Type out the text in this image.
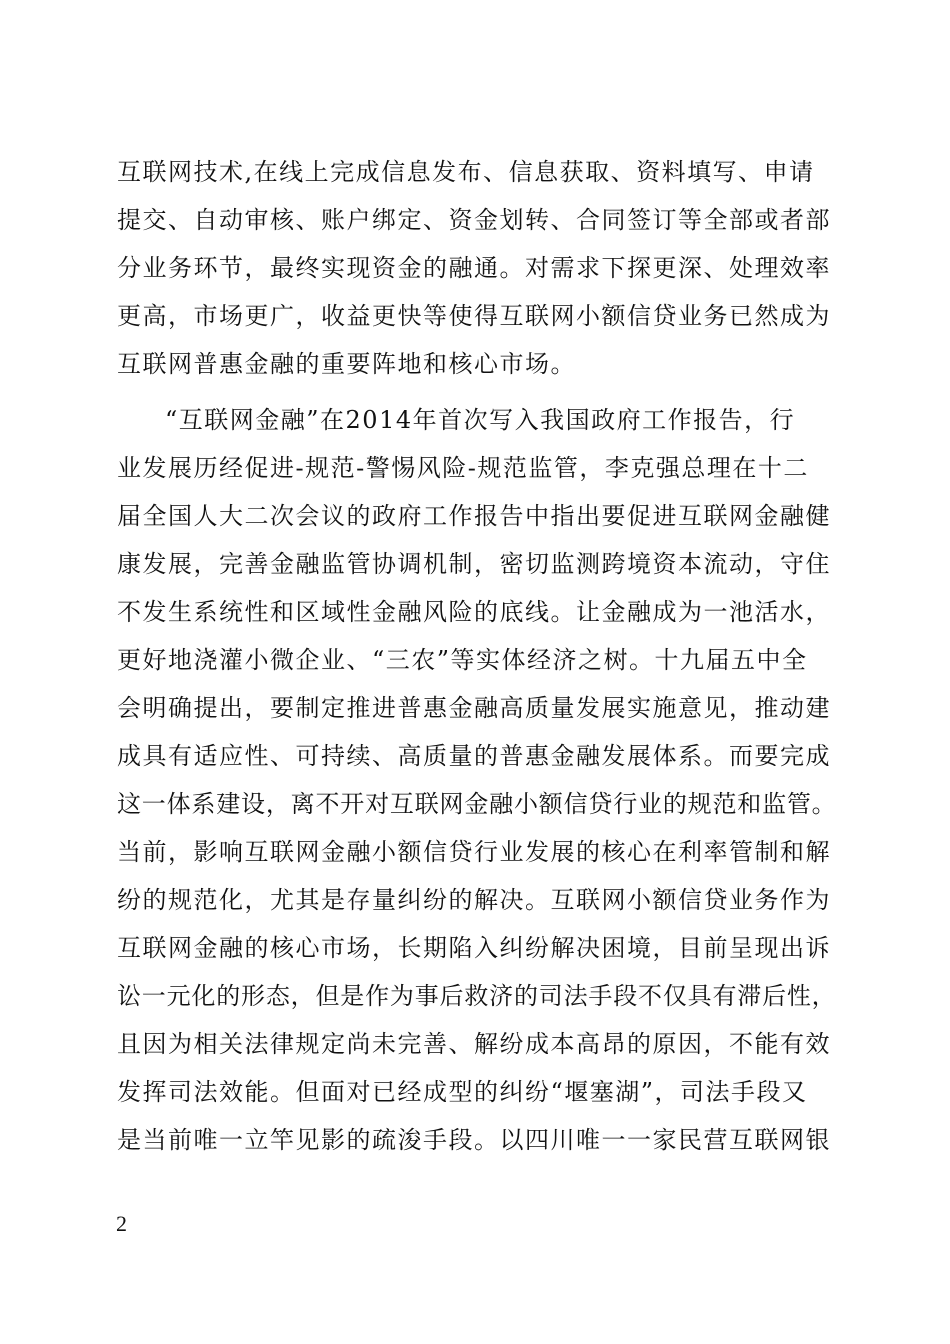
互联网技术,在线上完成信息发布、信息获取、资料填写、申请
提交、自动审核、账户绑定、资金划转、合同签订等全部或者部
分业务环节，最终实现资金的融通。对需求下探更深、处理效率
更高，市场更广，收益更快等使得互联网小额信贷业务已然成为
互联网普惠金融的重要阵地和核心市场。
“互联网金融”在2014年首次写入我国政府工作报告，行
业发展历经促进-规范-警惕风险-规范监管，李克强总理在十二
届全国人大二次会议的政府工作报告中指出要促进互联网金融健
康发展，完善金融监管协调机制，密切监测跨境资本流动，守住
不发生系统性和区域性金融风险的底线。让金融成为一池活水，
更好地浇灌小微企业、“三农”等实体经济之树。十九届五中全
会明确提出，要制定推进普惠金融高质量发展实施意见，推动建
成具有适应性、可持续、高质量的普惠金融发展体系。而要完成
这一体系建设，离不开对互联网金融小额信贷行业的规范和监管。
当前，影响互联网金融小额信贷行业发展的核心在利率管制和解
纷的规范化，尤其是存量纠纷的解决。互联网小额信贷业务作为
互联网金融的核心市场，长期陷入纠纷解决困境，目前呈现出诉
讼一元化的形态，但是作为事后救济的司法手段不仅具有滞后性，
且因为相关法律规定尚未完善、解纷成本高昂的原因，不能有效
发挥司法效能。但面对已经成型的纠纷“堰塞湖”，司法手段又
是当前唯一立竿见影的疏浚手段。以四川唯一一家民营互联网银
2
